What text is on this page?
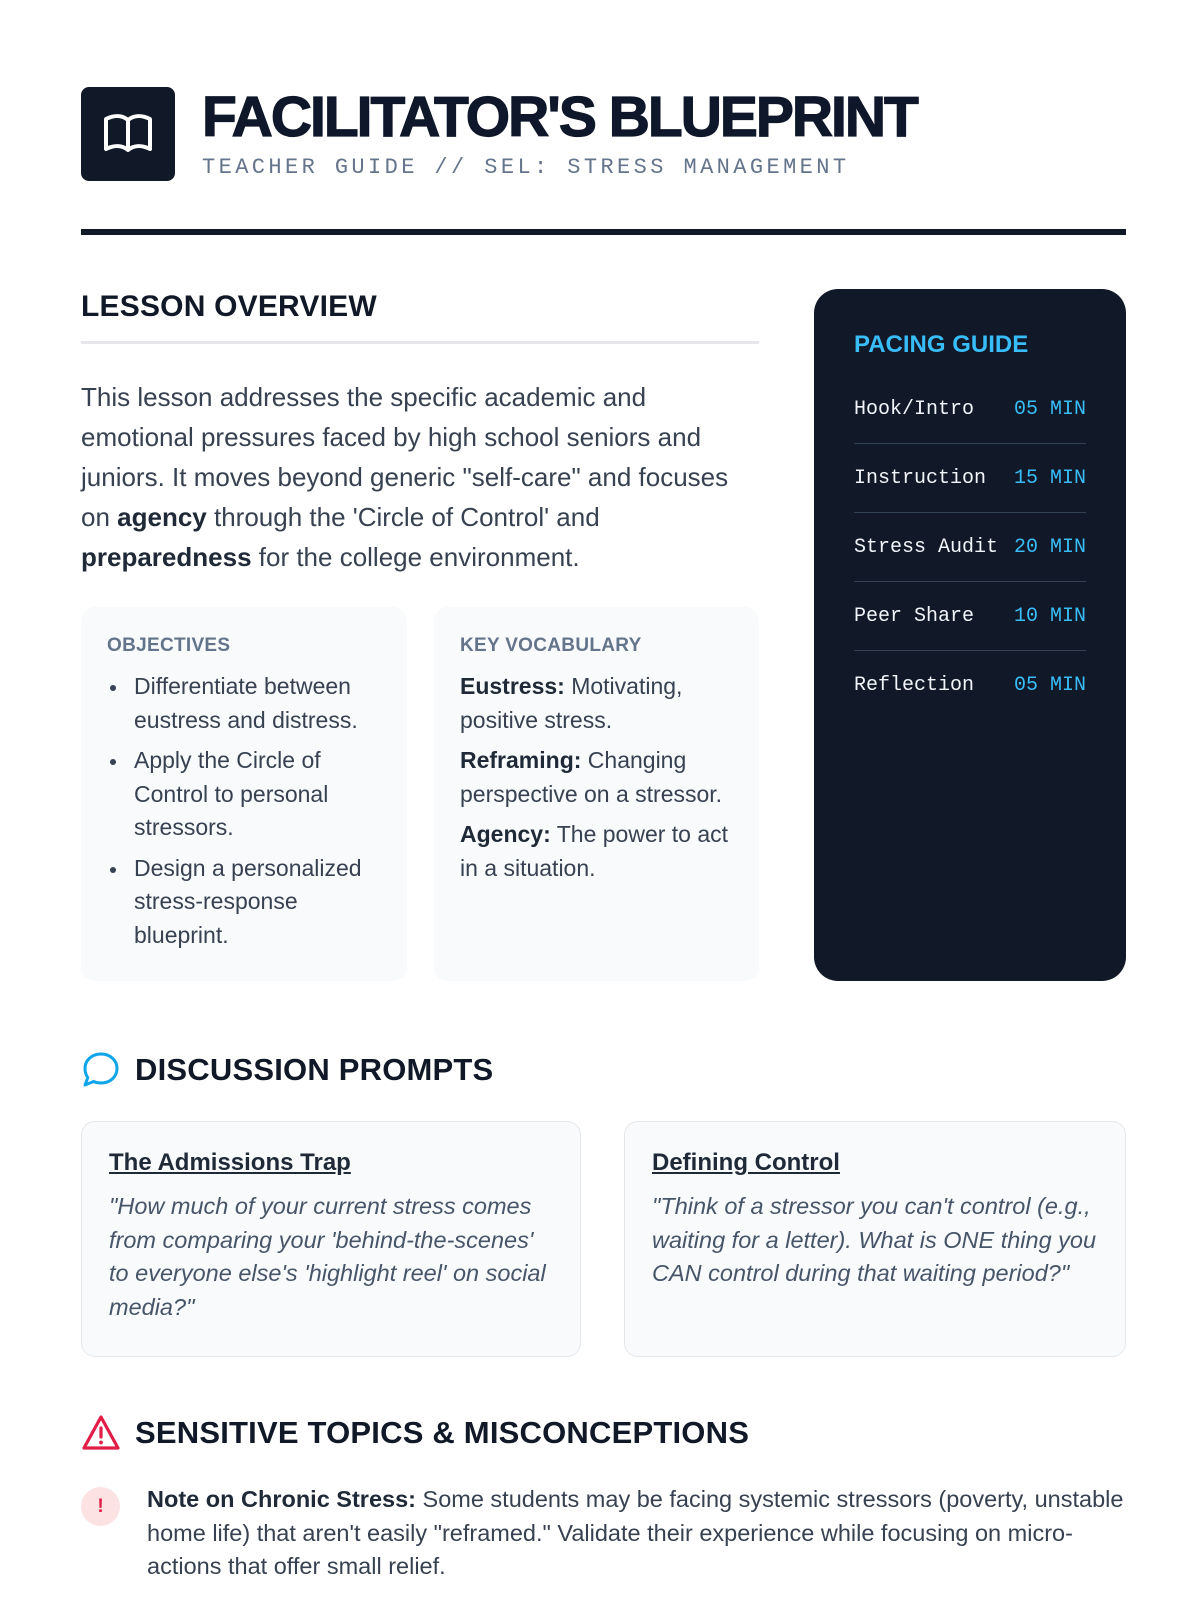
FACILITATOR'S BLUEPRINT
TEACHER GUIDE // SEL: STRESS MANAGEMENT
LESSON OVERVIEW

This lesson addresses the specific academic and emotional pressures faced by high school seniors and juniors. It moves beyond generic "self-care" and focuses on agency through the 'Circle of Control' and preparedness for the college environment.

OBJECTIVES
Differentiate between eustress and distress.
Apply the Circle of Control to personal stressors.
Design a personalized stress-response blueprint.
KEY VOCABULARY
Eustress: Motivating, positive stress.
Reframing: Changing perspective on a stressor.
Agency: The power to act in a situation.
PACING GUIDE
Hook/Intro 05 MIN
Instruction 15 MIN
Stress Audit 20 MIN
Peer Share 10 MIN
Reflection 05 MIN
DISCUSSION PROMPTS
The Admissions Trap
"How much of your current stress comes from comparing your 'behind-the-scenes' to everyone else's 'highlight reel' on social media?"
Defining Control
"Think of a stressor you can't control (e.g., waiting for a letter). What is ONE thing you CAN control during that waiting period?"
SENSITIVE TOPICS & MISCONCEPTIONS
!	Note on Chronic Stress: Some students may be facing systemic stressors (poverty, unstable home life) that aren't easily "reframed." Validate their experience while focusing on micro-actions that offer small relief.
